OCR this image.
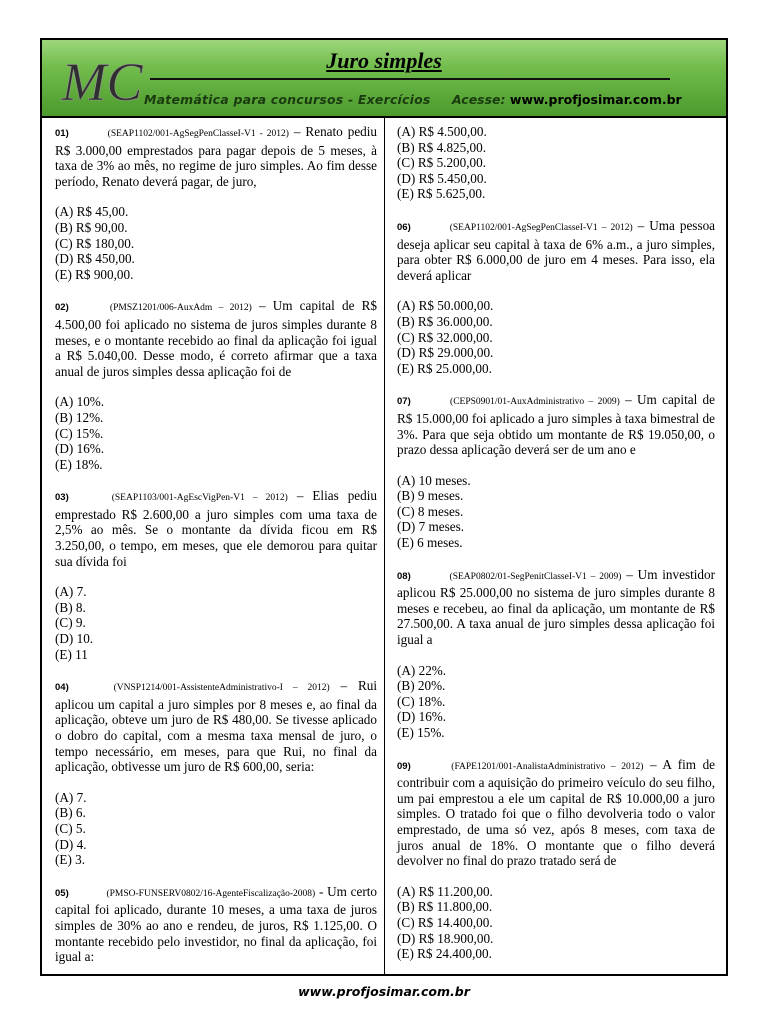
MC	Juro simples
Matemática para concursos - Exercícios Acesse: www.profjosimar.com.br
01)	(SEAP1102/001-AgSegPenClasseI-V1 - 2012) – Renato pediu R$ 3.000,00 emprestados para pagar depois de 5 meses, à taxa de 3% ao mês, no regime de juro simples. Ao fim desse período, Renato deverá pagar, de juro,
(A) R$ 45,00.
(B) R$ 90,00.
(C) R$ 180,00.
(D) R$ 450,00.
(E) R$ 900,00.
02)	(PMSZ1201/006-AuxAdm – 2012) – Um capital de R$ 4.500,00 foi aplicado no sistema de juros simples durante 8 meses, e o montante recebido ao final da aplicação foi igual a R$ 5.040,00. Desse modo, é correto afirmar que a taxa anual de juros simples dessa aplicação foi de
(A) 10%.
(B) 12%.
(C) 15%.
(D) 16%.
(E) 18%.
03)	(SEAP1103/001-AgEscVigPen-V1 – 2012) – Elias pediu emprestado R$ 2.600,00 a juro simples com uma taxa de 2,5% ao mês. Se o montante da dívida ficou em R$ 3.250,00, o tempo, em meses, que ele demorou para quitar sua dívida foi
(A) 7.
(B) 8.
(C) 9.
(D) 10.
(E) 11
04)	(VNSP1214/001-AssistenteAdministrativo-I – 2012) – Rui aplicou um capital a juro simples por 8 meses e, ao final da aplicação, obteve um juro de R$ 480,00. Se tivesse aplicado o dobro do capital, com a mesma taxa mensal de juro, o tempo necessário, em meses, para que Rui, no final da aplicação, obtivesse um juro de R$ 600,00, seria:
(A) 7.
(B) 6.
(C) 5.
(D) 4.
(E) 3.
05)	(PMSO-FUNSERV0802/16-AgenteFiscalização-2008) - Um certo capital foi aplicado, durante 10 meses, a uma taxa de juros simples de 30% ao ano e rendeu, de juros, R$ 1.125,00. O montante recebido pelo investidor, no final da aplicação, foi igual a:
(A) R$ 4.500,00.
(B) R$ 4.825,00.
(C) R$ 5.200,00.
(D) R$ 5.450,00.
(E) R$ 5.625,00.
06)	(SEAP1102/001-AgSegPenClasseI-V1 – 2012) – Uma pessoa deseja aplicar seu capital à taxa de 6% a.m., a juro simples, para obter R$ 6.000,00 de juro em 4 meses. Para isso, ela deverá aplicar
(A) R$ 50.000,00.
(B) R$ 36.000,00.
(C) R$ 32.000,00.
(D) R$ 29.000,00.
(E) R$ 25.000,00.
07)	(CEPS0901/01-AuxAdministrativo – 2009) – Um capital de R$ 15.000,00 foi aplicado a juro simples à taxa bimestral de 3%. Para que seja obtido um montante de R$ 19.050,00, o prazo dessa aplicação deverá ser de um ano e
(A) 10 meses.
(B) 9 meses.
(C) 8 meses.
(D) 7 meses.
(E) 6 meses.
08)	(SEAP0802/01-SegPenitClasseI-V1 – 2009) – Um investidor aplicou R$ 25.000,00 no sistema de juro simples durante 8 meses e recebeu, ao final da aplicação, um montante de R$ 27.500,00. A taxa anual de juro simples dessa aplicação foi igual a
(A) 22%.
(B) 20%.
(C) 18%.
(D) 16%.
(E) 15%.
09)	(FAPE1201/001-AnalistaAdministrativo – 2012) – A fim de contribuir com a aquisição do primeiro veículo do seu filho, um pai emprestou a ele um capital de R$ 10.000,00 a juro simples. O tratado foi que o filho devolveria todo o valor emprestado, de uma só vez, após 8 meses, com taxa de juros anual de 18%. O montante que o filho deverá devolver no final do prazo tratado será de
(A) R$ 11.200,00.
(B) R$ 11.800,00.
(C) R$ 14.400,00.
(D) R$ 18.900,00.
(E) R$ 24.400,00.
www.profjosimar.com.br
